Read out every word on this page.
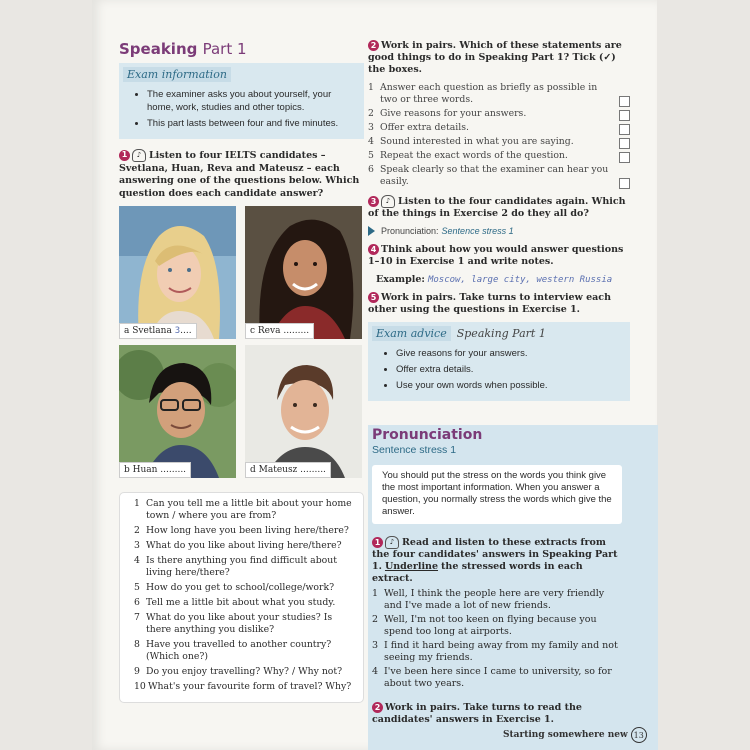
Speaking Part 1
Exam information
• The examiner asks you about yourself, your home, work, studies and other topics.
• This part lasts between four and five minutes.
1 ♪ Listen to four IELTS candidates – Svetlana, Huan, Reva and Mateusz – each answering one of the questions below. Which question does each candidate answer?
a Svetlana 3....	c Reva .........
b Huan .........	d Mateusz .........
1 Can you tell me a little bit about your home town / where you are from?
2 How long have you been living here/there?
3 What do you like about living here/there?
4 Is there anything you find difficult about living here/there?
5 How do you get to school/college/work?
6 Tell me a little bit about what you study.
7 What do you like about your studies? Is there anything you dislike?
8 Have you travelled to another country? (Which one?)
9 Do you enjoy travelling? Why? / Why not?
10 What's your favourite form of travel? Why?
2 Work in pairs. Which of these statements are good things to do in Speaking Part 1? Tick (✓) the boxes.
1 Answer each question as briefly as possible in two or three words.
2 Give reasons for your answers.
3 Offer extra details.
4 Sound interested in what you are saying.
5 Repeat the exact words of the question.
6 Speak clearly so that the examiner can hear you easily.
3 ♪ Listen to the four candidates again. Which of the things in Exercise 2 do they all do?
Pronunciation: Sentence stress 1
4 Think about how you would answer questions 1–10 in Exercise 1 and write notes.
Example: Moscow, large city, western Russia
5 Work in pairs. Take turns to interview each other using the questions in Exercise 1.
Exam advice Speaking Part 1
• Give reasons for your answers.
• Offer extra details.
• Use your own words when possible.
Pronunciation
Sentence stress 1
You should put the stress on the words you think give the most important information. When you answer a question, you normally stress the words which give the answer.
1 ♪ Read and listen to these extracts from the four candidates' answers in Speaking Part 1. Underline the stressed words in each extract.
1 Well, I think the people here are very friendly and I've made a lot of new friends.
2 Well, I'm not too keen on flying because you spend too long at airports.
3 I find it hard being away from my family and not seeing my friends.
4 I've been here since I came to university, so for about two years.
2 Work in pairs. Take turns to read the candidates' answers in Exercise 1.
Starting somewhere new 13
